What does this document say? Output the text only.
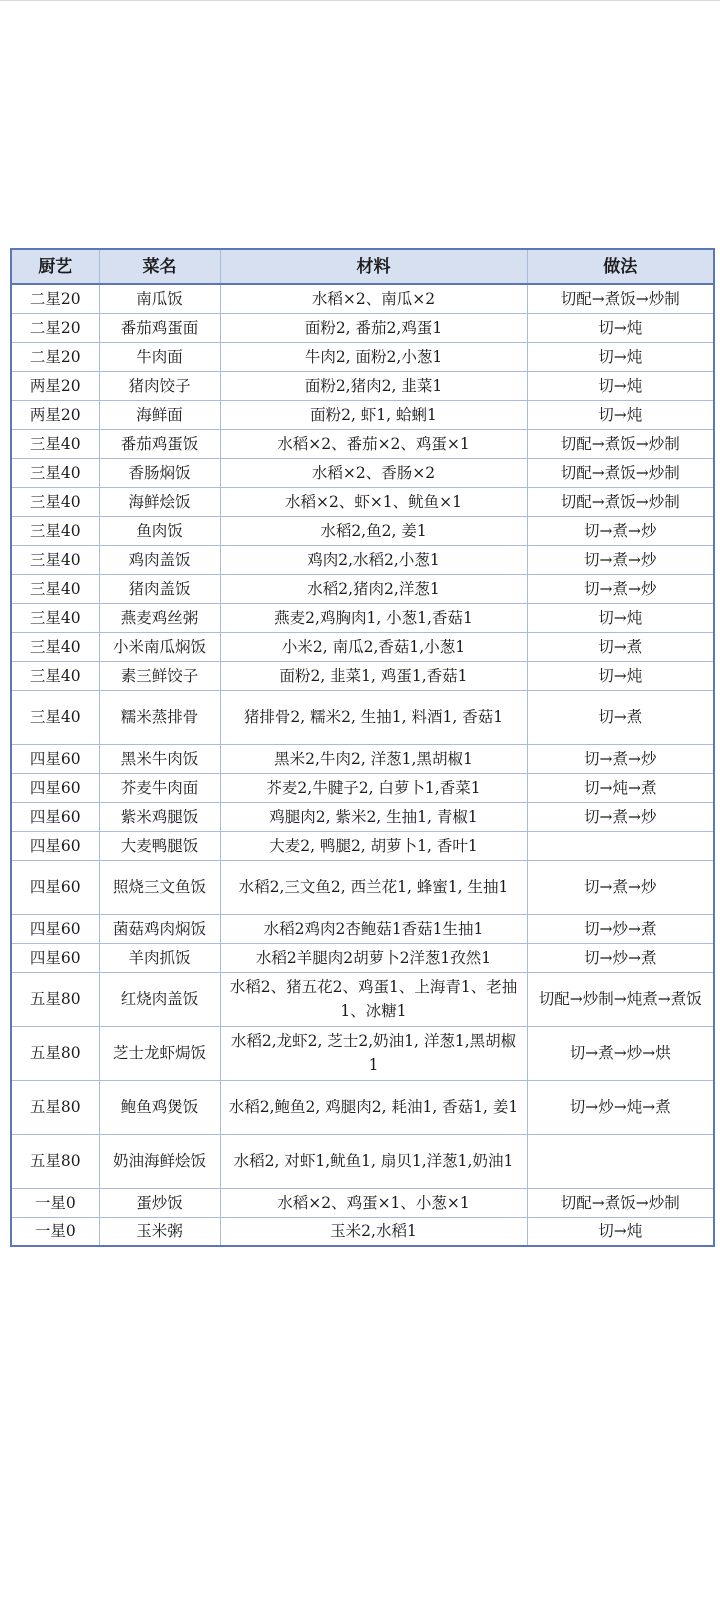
厨艺	菜名	材料	做法
二星20	南瓜饭	水稻×2、南瓜×2	切配→煮饭→炒制
二星20	番茄鸡蛋面	面粉2, 番茄2,鸡蛋1	切→炖
二星20	牛肉面	牛肉2, 面粉2,小葱1	切→炖
两星20	猪肉饺子	面粉2,猪肉2, 韭菜1	切→炖
两星20	海鲜面	面粉2, 虾1, 蛤蜊1	切→炖
三星40	番茄鸡蛋饭	水稻×2、番茄×2、鸡蛋×1	切配→煮饭→炒制
三星40	香肠焖饭	水稻×2、香肠×2	切配→煮饭→炒制
三星40	海鲜烩饭	水稻×2、虾×1、鱿鱼×1	切配→煮饭→炒制
三星40	鱼肉饭	水稻2,鱼2, 姜1	切→煮→炒
三星40	鸡肉盖饭	鸡肉2,水稻2,小葱1	切→煮→炒
三星40	猪肉盖饭	水稻2,猪肉2,洋葱1	切→煮→炒
三星40	燕麦鸡丝粥	燕麦2,鸡胸肉1, 小葱1,香菇1	切→炖
三星40	小米南瓜焖饭	小米2, 南瓜2,香菇1,小葱1	切→煮
三星40	素三鲜饺子	面粉2, 韭菜1, 鸡蛋1,香菇1	切→炖
三星40	糯米蒸排骨	猪排骨2, 糯米2, 生抽1, 料酒1, 香菇1	切→煮
四星60	黑米牛肉饭	黑米2,牛肉2, 洋葱1,黑胡椒1	切→煮→炒
四星60	芥麦牛肉面	芥麦2,牛腱子2, 白萝卜1,香菜1	切→炖→煮
四星60	紫米鸡腿饭	鸡腿肉2, 紫米2, 生抽1, 青椒1	切→煮→炒
四星60	大麦鸭腿饭	大麦2, 鸭腿2, 胡萝卜1, 香叶1	
四星60	照烧三文鱼饭	水稻2,三文鱼2, 西兰花1, 蜂蜜1, 生抽1	切→煮→炒
四星60	菌菇鸡肉焖饭	水稻2鸡肉2杏鲍菇1香菇1生抽1	切→炒→煮
四星60	羊肉抓饭	水稻2羊腿肉2胡萝卜2洋葱1孜然1	切→炒→煮
五星80	红烧肉盖饭	水稻2、猪五花2、鸡蛋1、上海青1、老抽1、冰糖1	切配→炒制→炖煮→煮饭
五星80	芝士龙虾焗饭	水稻2,龙虾2, 芝士2,奶油1, 洋葱1,黑胡椒1	切→煮→炒→烘
五星80	鲍鱼鸡煲饭	水稻2,鲍鱼2, 鸡腿肉2, 耗油1, 香菇1, 姜1	切→炒→炖→煮
五星80	奶油海鲜烩饭	水稻2, 对虾1,鱿鱼1, 扇贝1,洋葱1,奶油1	
一星0	蛋炒饭	水稻×2、鸡蛋×1、小葱×1	切配→煮饭→炒制
一星0	玉米粥	玉米2,水稻1	切→炖
